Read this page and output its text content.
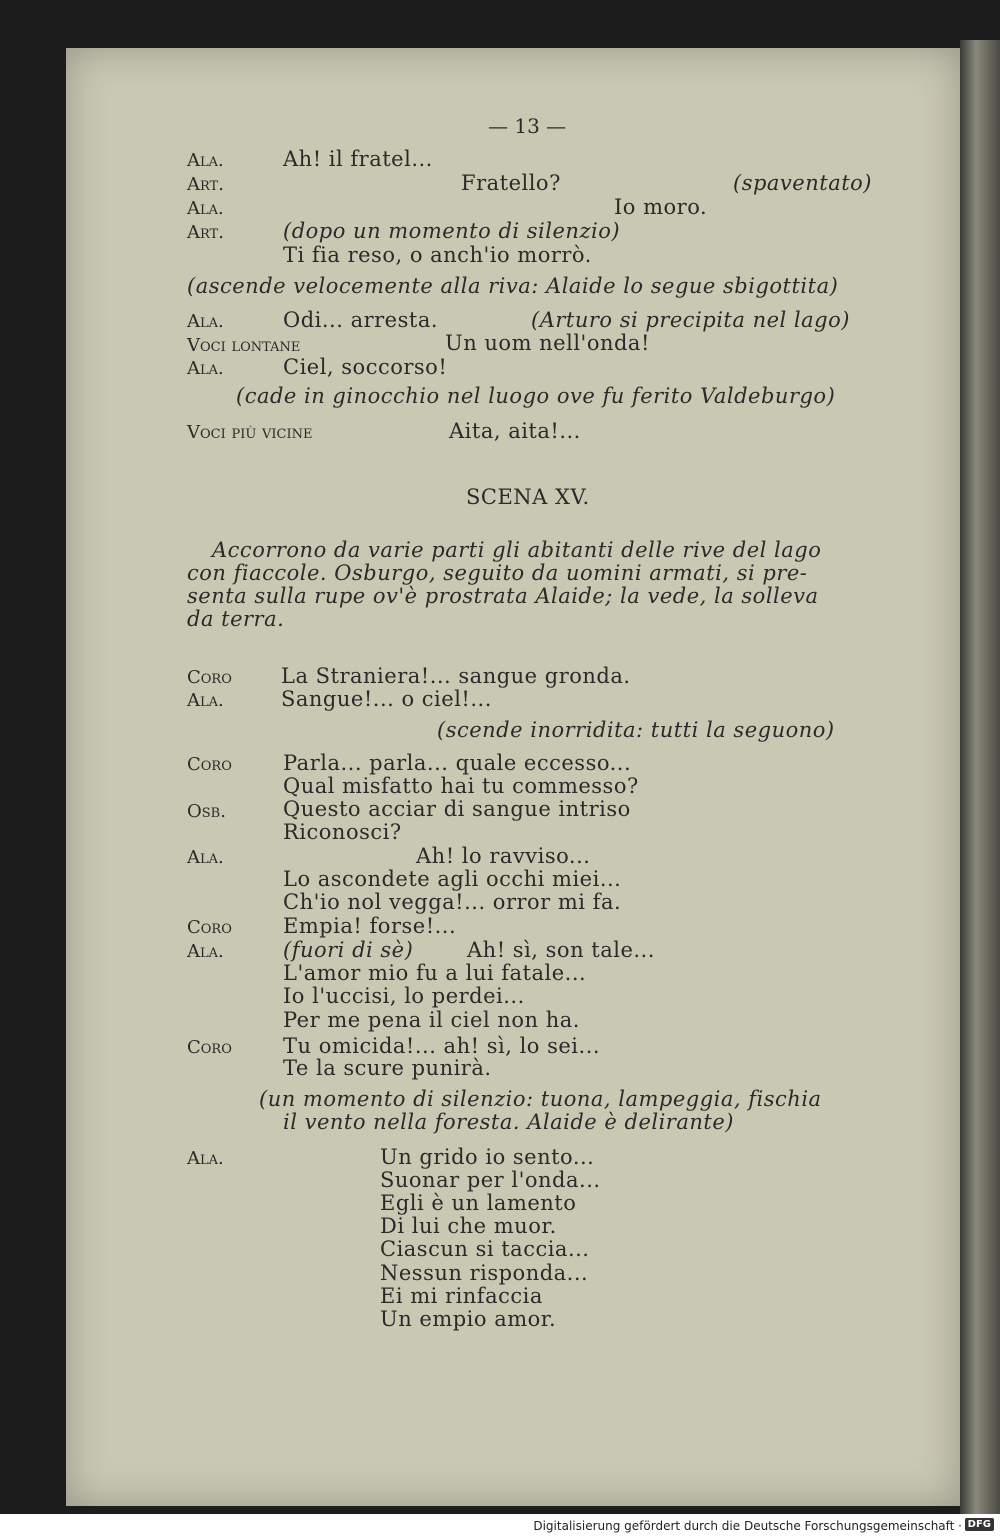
— 13 —
Ala.	Ah! il fratel...
Art.	Fratello?	(spaventato)
Ala.	Io moro.
Art.	(dopo un momento di silenzio)
Ti fia reso, o anch'io morrò.
(ascende velocemente alla riva: Alaide lo segue sbigottita)
Ala.	Odi... arresta.	(Arturo si precipita nel lago)
Voci lontane	Un uom nell'onda!
Ala.	Ciel, soccorso!
(cade in ginocchio nel luogo ove fu ferito Valdeburgo)
Voci più vicine	Aita, aita!...
SCENA XV.
Accorrono da varie parti gli abitanti delle rive del lago
con fiaccole. Osburgo, seguito da uomini armati, si pre-
senta sulla rupe ov'è prostrata Alaide; la vede, la solleva
da terra.
Coro La Straniera!... sangue gronda.
Ala.	Sangue!... o ciel!...
(scende inorridita: tutti la seguono)
Coro Parla... parla... quale eccesso...
Qual misfatto hai tu commesso?
Osb.	Questo acciar di sangue intriso
Riconosci?
Ala.	Ah! lo ravviso...
Lo ascondete agli occhi miei...
Ch'io nol vegga!... orror mi fa.
Coro Empia! forse!...
Ala.	(fuori di sè)	Ah! sì, son tale...
L'amor mio fu a lui fatale...
Io l'uccisi, lo perdei...
Per me pena il ciel non ha.
Coro Tu omicida!... ah! sì, lo sei...
Te la scure punirà.
(un momento di silenzio: tuona, lampeggia, fischia
il vento nella foresta. Alaide è delirante)
Ala.	Un grido io sento...
Suonar per l'onda...
Egli è un lamento
Di lui che muor.
Ciascun si taccia...
Nessun risponda...
Ei mi rinfaccia
Un empio amor.
Digitalisierung gefördert durch die Deutsche Forschungsgemeinschaft · DFG
